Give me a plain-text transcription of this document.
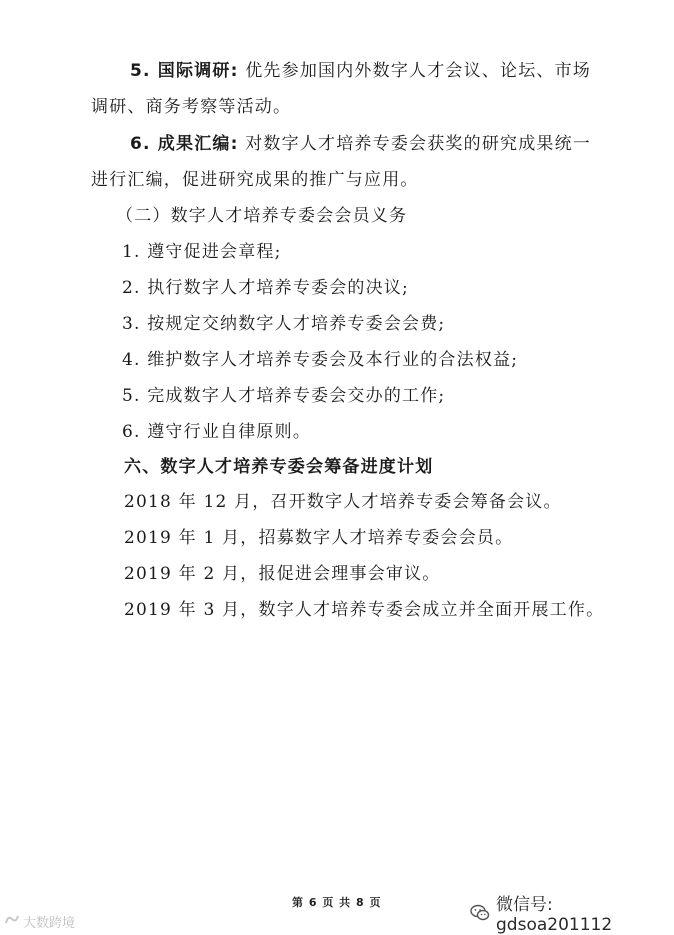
5. 国际调研: 优先参加国内外数字人才会议、论坛、市场
调研、商务考察等活动。
6. 成果汇编: 对数字人才培养专委会获奖的研究成果统一
进行汇编，促进研究成果的推广与应用。
（二）数字人才培养专委会会员义务
1. 遵守促进会章程;
2. 执行数字人才培养专委会的决议;
3. 按规定交纳数字人才培养专委会会费;
4. 维护数字人才培养专委会及本行业的合法权益;
5. 完成数字人才培养专委会交办的工作;
6. 遵守行业自律原则。
六、数字人才培养专委会筹备进度计划
2018 年 12 月，召开数字人才培养专委会筹备会议。
2019 年 1 月，招募数字人才培养专委会会员。
2019 年 2 月，报促进会理事会审议。
2019 年 3 月，数字人才培养专委会成立并全面开展工作。
第 6 页 共 8 页	微信号: gdsoa201112
大数跨境
